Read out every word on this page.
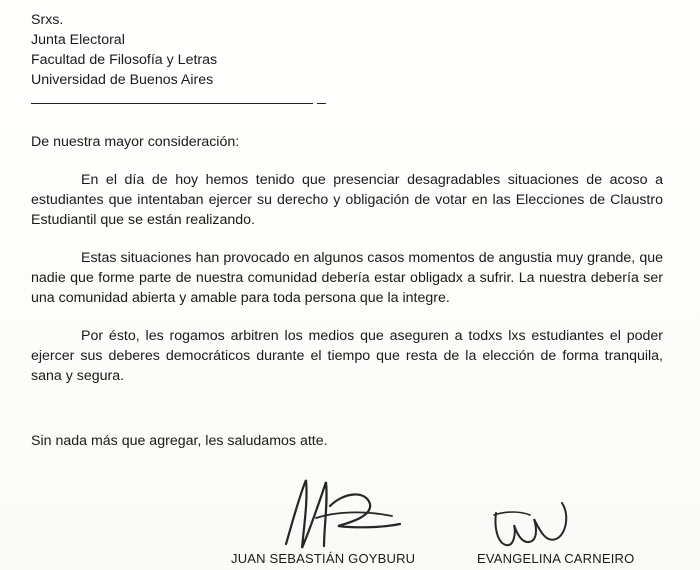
Srxs.
Junta Electoral
Facultad de Filosofía y Letras
Universidad de Buenos Aires
De nuestra mayor consideración:
En el día de hoy hemos tenido que presenciar desagradables situaciones de acoso a estudiantes que intentaban ejercer su derecho y obligación de votar en las Elecciones de Claustro Estudiantil que se están realizando.
Estas situaciones han provocado en algunos casos momentos de angustia muy grande, que nadie que forme parte de nuestra comunidad debería estar obligadx a sufrir. La nuestra debería ser una comunidad abierta y amable para toda persona que la integre.
Por ésto, les rogamos arbitren los medios que aseguren a todxs lxs estudiantes el poder ejercer sus deberes democráticos durante el tiempo que resta de la elección de forma tranquila, sana y segura.
Sin nada más que agregar, les saludamos atte.
JUAN SEBASTIÁN GOYBURU	EVANGELINA CARNEIRO
